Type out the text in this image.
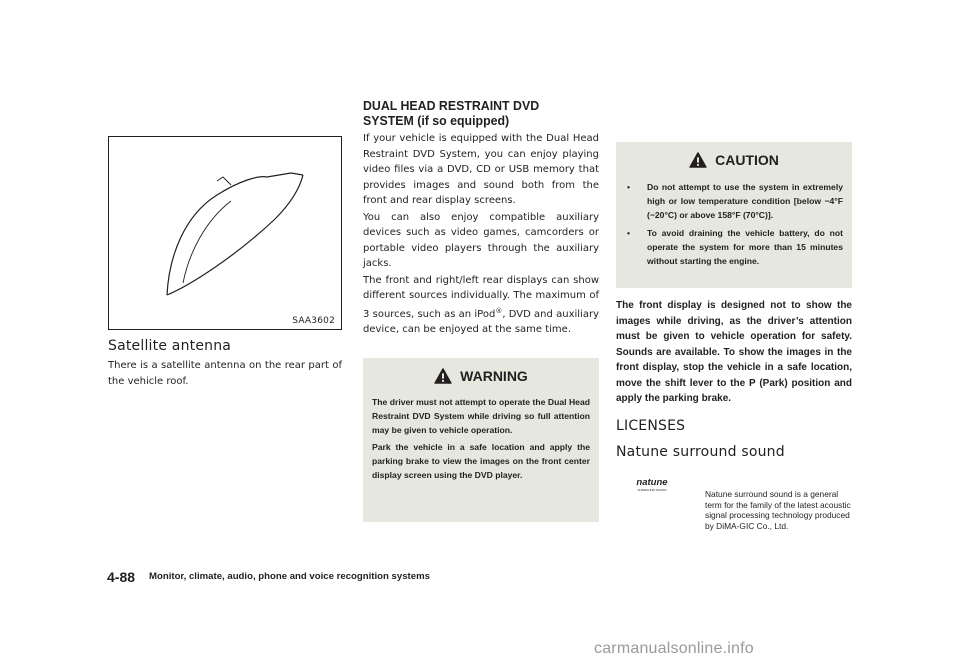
SAA3602
Satellite antenna
There is a satellite antenna on the rear part of the vehicle roof.
DUAL HEAD RESTRAINT DVD SYSTEM (if so equipped)
If your vehicle is equipped with the Dual Head Restraint DVD System, you can enjoy playing video files via a DVD, CD or USB memory that provides images and sound both from the front and rear display screens.
You can also enjoy compatible auxiliary devices such as video games, camcorders or portable video players through the auxiliary jacks.
The front and right/left rear displays can show different sources individually. The maximum of 3 sources, such as an iPod®, DVD and auxiliary device, can be enjoyed at the same time.
WARNING
The driver must not attempt to operate the Dual Head Restraint DVD System while driving so full attention may be given to vehicle operation.
Park the vehicle in a safe location and apply the parking brake to view the images on the front center display screen using the DVD player.
CAUTION
• Do not attempt to use the system in extremely high or low temperature condition [below −4°F (−20°C) or above 158°F (70°C)].
• To avoid draining the vehicle battery, do not operate the system for more than 15 minutes without starting the engine.
The front display is designed not to show the images while driving, as the driver’s attention must be given to vehicle operation for safety. Sounds are available. To show the images in the front display, stop the vehicle in a safe location, move the shift lever to the P (Park) position and apply the parking brake.
LICENSES
Natune surround sound
natune
SURROUND SOUND	Natune surround sound is a general term for the family of the latest acoustic signal processing technology produced by DiMA-GIC Co., Ltd.
4-88 Monitor, climate, audio, phone and voice recognition systems
carmanualsonline.info
